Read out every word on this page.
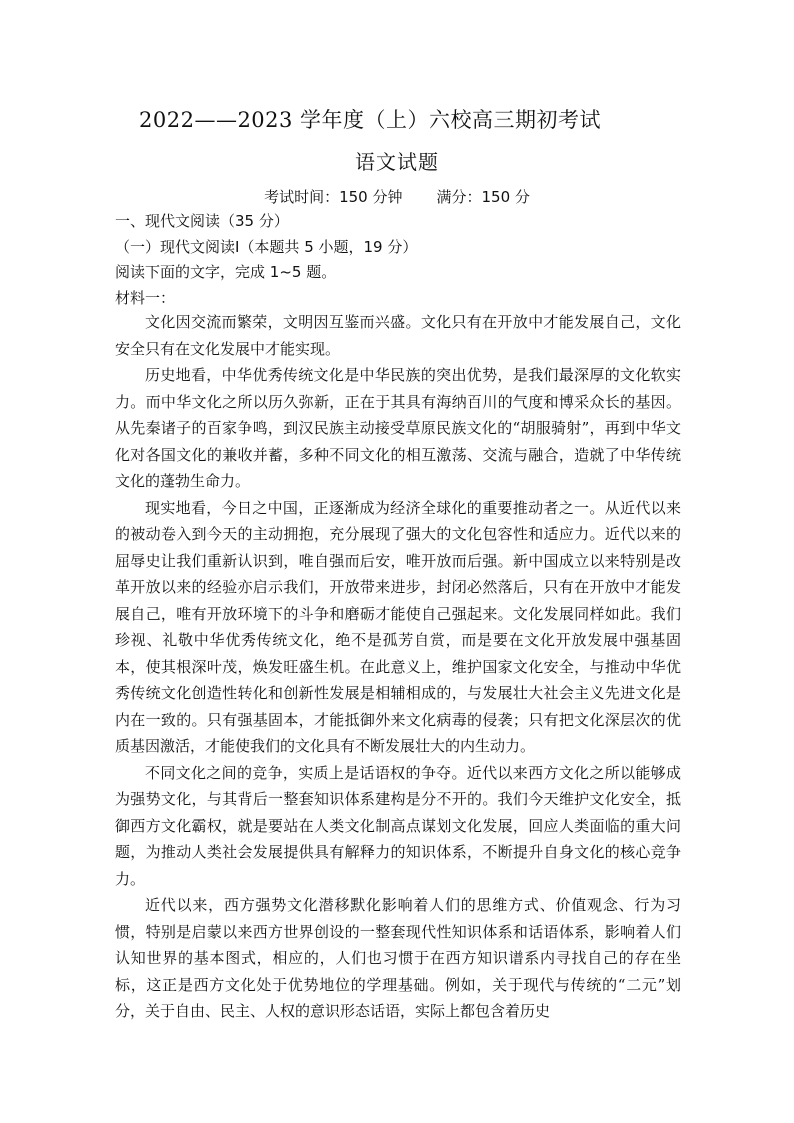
2022——2023 学年度（上）六校高三期初考试
语文试题
考试时间：150 分钟 满分：150 分
一、现代文阅读（35 分）
（一）现代文阅读Ⅰ（本题共 5 小题，19 分）
阅读下面的文字，完成 1~5 题。
材料一：

文化因交流而繁荣，文明因互鉴而兴盛。文化只有在开放中才能发展自己，文化安全只有在文化发展中才能实现。

历史地看，中华优秀传统文化是中华民族的突出优势，是我们最深厚的文化软实力。而中华文化之所以历久弥新，正在于其具有海纳百川的气度和博采众长的基因。从先秦诸子的百家争鸣，到汉民族主动接受草原民族文化的“胡服骑射”，再到中华文化对各国文化的兼收并蓄，多种不同文化的相互激荡、交流与融合，造就了中华传统文化的蓬勃生命力。

现实地看，今日之中国，正逐渐成为经济全球化的重要推动者之一。从近代以来的被动卷入到今天的主动拥抱，充分展现了强大的文化包容性和适应力。近代以来的屈辱史让我们重新认识到，唯自强而后安，唯开放而后强。新中国成立以来特别是改革开放以来的经验亦启示我们，开放带来进步，封闭必然落后，只有在开放中才能发展自己，唯有开放环境下的斗争和磨砺才能使自己强起来。文化发展同样如此。我们珍视、礼敬中华优秀传统文化，绝不是孤芳自赏，而是要在文化开放发展中强基固本，使其根深叶茂，焕发旺盛生机。在此意义上，维护国家文化安全，与推动中华优秀传统文化创造性转化和创新性发展是相辅相成的，与发展壮大社会主义先进文化是内在一致的。只有强基固本，才能抵御外来文化病毒的侵袭；只有把文化深层次的优质基因激活，才能使我们的文化具有不断发展壮大的内生动力。

不同文化之间的竞争，实质上是话语权的争夺。近代以来西方文化之所以能够成为强势文化，与其背后一整套知识体系建构是分不开的。我们今天维护文化安全，抵御西方文化霸权，就是要站在人类文化制高点谋划文化发展，回应人类面临的重大问题，为推动人类社会发展提供具有解释力的知识体系，不断提升自身文化的核心竞争力。

近代以来，西方强势文化潜移默化影响着人们的思维方式、价值观念、行为习惯，特别是启蒙以来西方世界创设的一整套现代性知识体系和话语体系，影响着人们认知世界的基本图式，相应的，人们也习惯于在西方知识谱系内寻找自己的存在坐标，这正是西方文化处于优势地位的学理基础。例如，关于现代与传统的“二元”划分，关于自由、民主、人权的意识形态话语，实际上都包含着历史
